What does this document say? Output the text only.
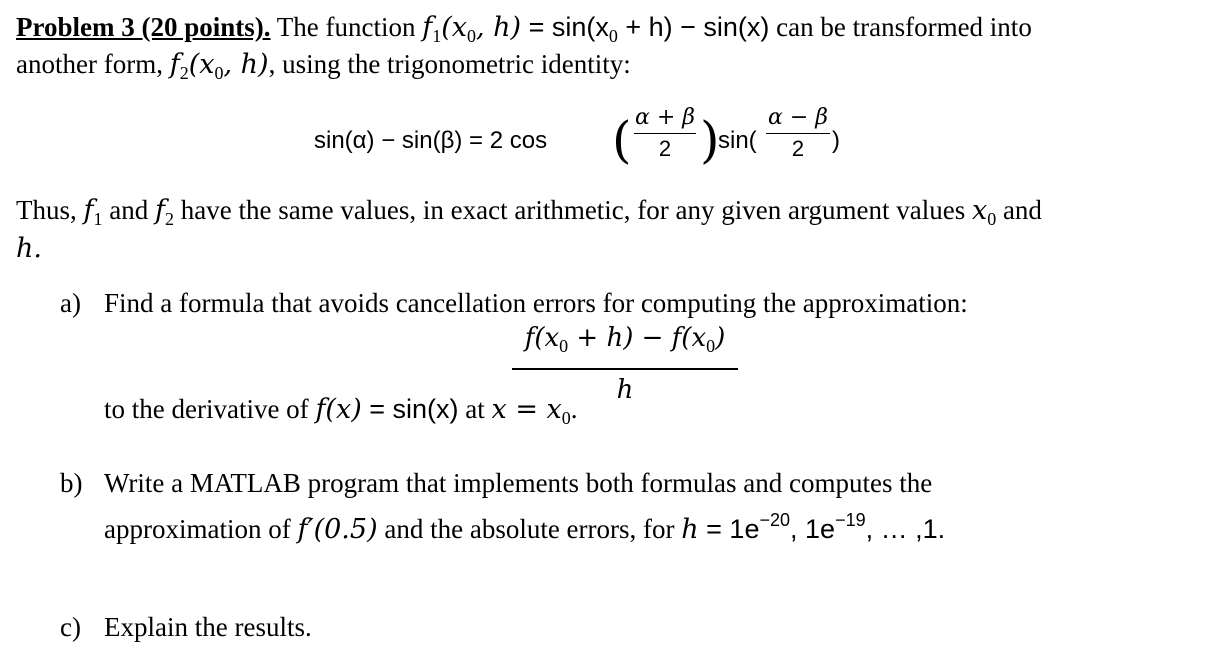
Problem 3 (20 points). The function $f_1(x_0$, $h) = \sin(x_0 + h) - \sin(x)$ can be transformed into
another form, $f_2(x_0$, h), using the trigonometric identity:
sin(α) − sin(β) = 2 cos ( α + β
2 )
sin(
α − β
2	)
Thus, $f_1$ and $f_2$ have the same values, in exact arithmetic, for any given argument values $x_0$ and
h.
a) Find a formula that avoids cancellation errors for computing the approximation:
$f(x_0 + h) - f(x_0)$
h
to the derivative of f(x) = sin(x) at $x = x_0$.
b) Write a MATLAB program that implements both formulas and computes the
approximation of f′(0.5) and the absolute errors, for $h = 1e^{-20}$, $1e^{-19}$, … ,1.
c) Explain the results.
